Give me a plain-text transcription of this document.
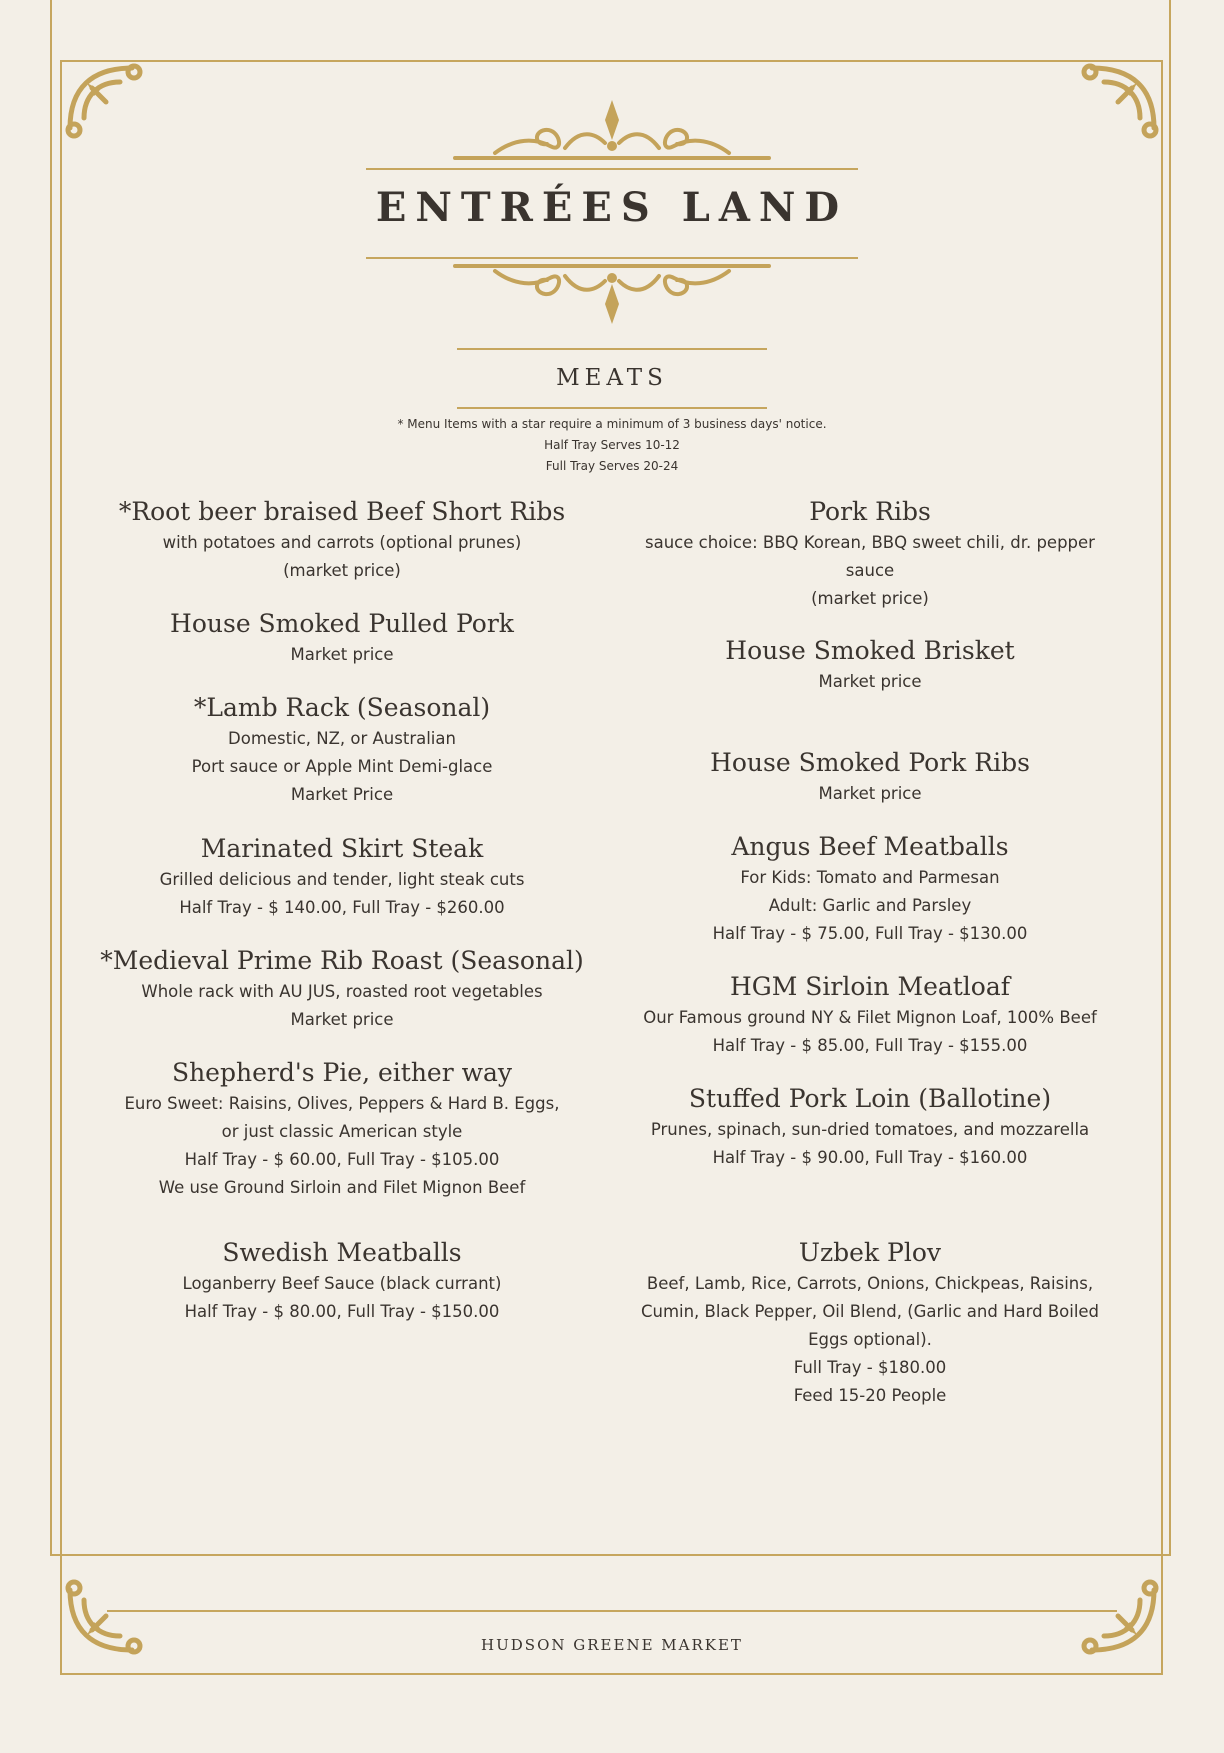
ENTRÉES LAND
MEATS
* Menu Items with a star require a minimum of 3 business days' notice.
Half Tray Serves 10-12
Full Tray Serves 20-24
*Root beer braised Beef Short Ribs
with potatoes and carrots (optional prunes)
(market price)
House Smoked Pulled Pork
Market price
*Lamb Rack (Seasonal)
Domestic, NZ, or Australian
Port sauce or Apple Mint Demi-glace
Market Price
Marinated Skirt Steak
Grilled delicious and tender, light steak cuts
Half Tray - $ 140.00, Full Tray - $260.00
*Medieval Prime Rib Roast (Seasonal)
Whole rack with AU JUS, roasted root vegetables
Market price
Shepherd's Pie, either way
Euro Sweet: Raisins, Olives, Peppers & Hard B. Eggs,
or just classic American style
Half Tray - $ 60.00, Full Tray - $105.00
We use Ground Sirloin and Filet Mignon Beef
Swedish Meatballs
Loganberry Beef Sauce (black currant)
Half Tray - $ 80.00, Full Tray - $150.00
Pork Ribs
sauce choice: BBQ Korean, BBQ sweet chili, dr. pepper
sauce
(market price)
House Smoked Brisket
Market price
House Smoked Pork Ribs
Market price
Angus Beef Meatballs
For Kids: Tomato and Parmesan
Adult: Garlic and Parsley
Half Tray - $ 75.00, Full Tray - $130.00
HGM Sirloin Meatloaf
Our Famous ground NY & Filet Mignon Loaf, 100% Beef
Half Tray - $ 85.00, Full Tray - $155.00
Stuffed Pork Loin (Ballotine)
Prunes, spinach, sun-dried tomatoes, and mozzarella
Half Tray - $ 90.00, Full Tray - $160.00
Uzbek Plov
Beef, Lamb, Rice, Carrots, Onions, Chickpeas, Raisins,
Cumin, Black Pepper, Oil Blend, (Garlic and Hard Boiled
Eggs optional).
Full Tray - $180.00
Feed 15-20 People
HUDSON GREENE MARKET
